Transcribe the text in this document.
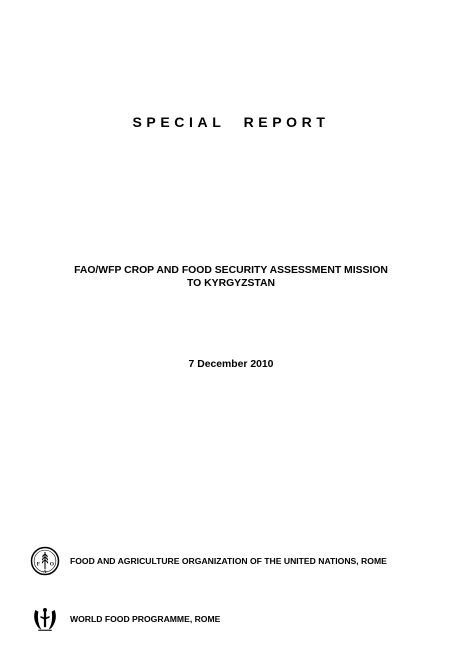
SPECIAL REPORT
FAO/WFP CROP AND FOOD SECURITY ASSESSMENT MISSION
TO KYRGYZSTAN
7 December 2010
F O
A
FOOD AND AGRICULTURE ORGANIZATION OF THE UNITED NATIONS, ROME
WORLD FOOD PROGRAMME, ROME
